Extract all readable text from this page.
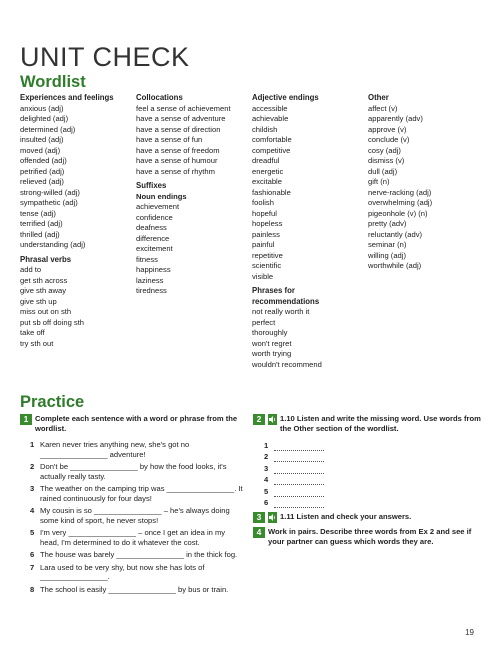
UNIT CHECK
Wordlist
Experiences and feelings
anxious (adj)
delighted (adj)
determined (adj)
insulted (adj)
moved (adj)
offended (adj)
petrified (adj)
relieved (adj)
strong-willed (adj)
sympathetic (adj)
tense (adj)
terrified (adj)
thrilled (adj)
understanding (adj)
Phrasal verbs
add to
get sth across
give sth away
give sth up
miss out on sth
put sb off doing sth
take off
try sth out
Collocations
feel a sense of achievement
have a sense of adventure
have a sense of direction
have a sense of fun
have a sense of freedom
have a sense of humour
have a sense of rhythm
Suffixes
Noun endings
achievement
confidence
deafness
difference
excitement
fitness
happiness
laziness
tiredness
Adjective endings
accessible
achievable
childish
comfortable
competitive
dreadful
energetic
excitable
fashionable
foolish
hopeful
hopeless
painless
painful
repetitive
scientific
visible
Phrases for recommendations
not really worth it
perfect
thoroughly
won't regret
worth trying
wouldn't recommend
Other
affect (v)
apparently (adv)
approve (v)
conclude (v)
cosy (adj)
dismiss (v)
dull (adj)
gift (n)
nerve-racking (adj)
overwhelming (adj)
pigeonhole (v) (n)
pretty (adv)
reluctantly (adv)
seminar (n)
willing (adj)
worthwhile (adj)
Practice
1 Complete each sentence with a word or phrase from the wordlist.
1 Karen never tries anything new, she's got no ________________ adventure!
2 Don't be ________________ by how the food looks, it's actually really tasty.
3 The weather on the camping trip was ________________. It rained continuously for four days!
4 My cousin is so ________________ – he's always doing some kind of sport, he never stops!
5 I'm very ________________ – once I get an idea in my head, I'm determined to do it whatever the cost.
6 The house was barely ________________ in the thick fog.
7 Lara used to be very shy, but now she has lots of ________________.
8 The school is easily ________________ by bus or train.
2	1.10 Listen and write the missing word. Use words from the Other section of the wordlist.
1
2
3
4
5
6
3	1.11 Listen and check your answers.
4 Work in pairs. Describe three words from Ex 2 and see if your partner can guess which words they are.
19
